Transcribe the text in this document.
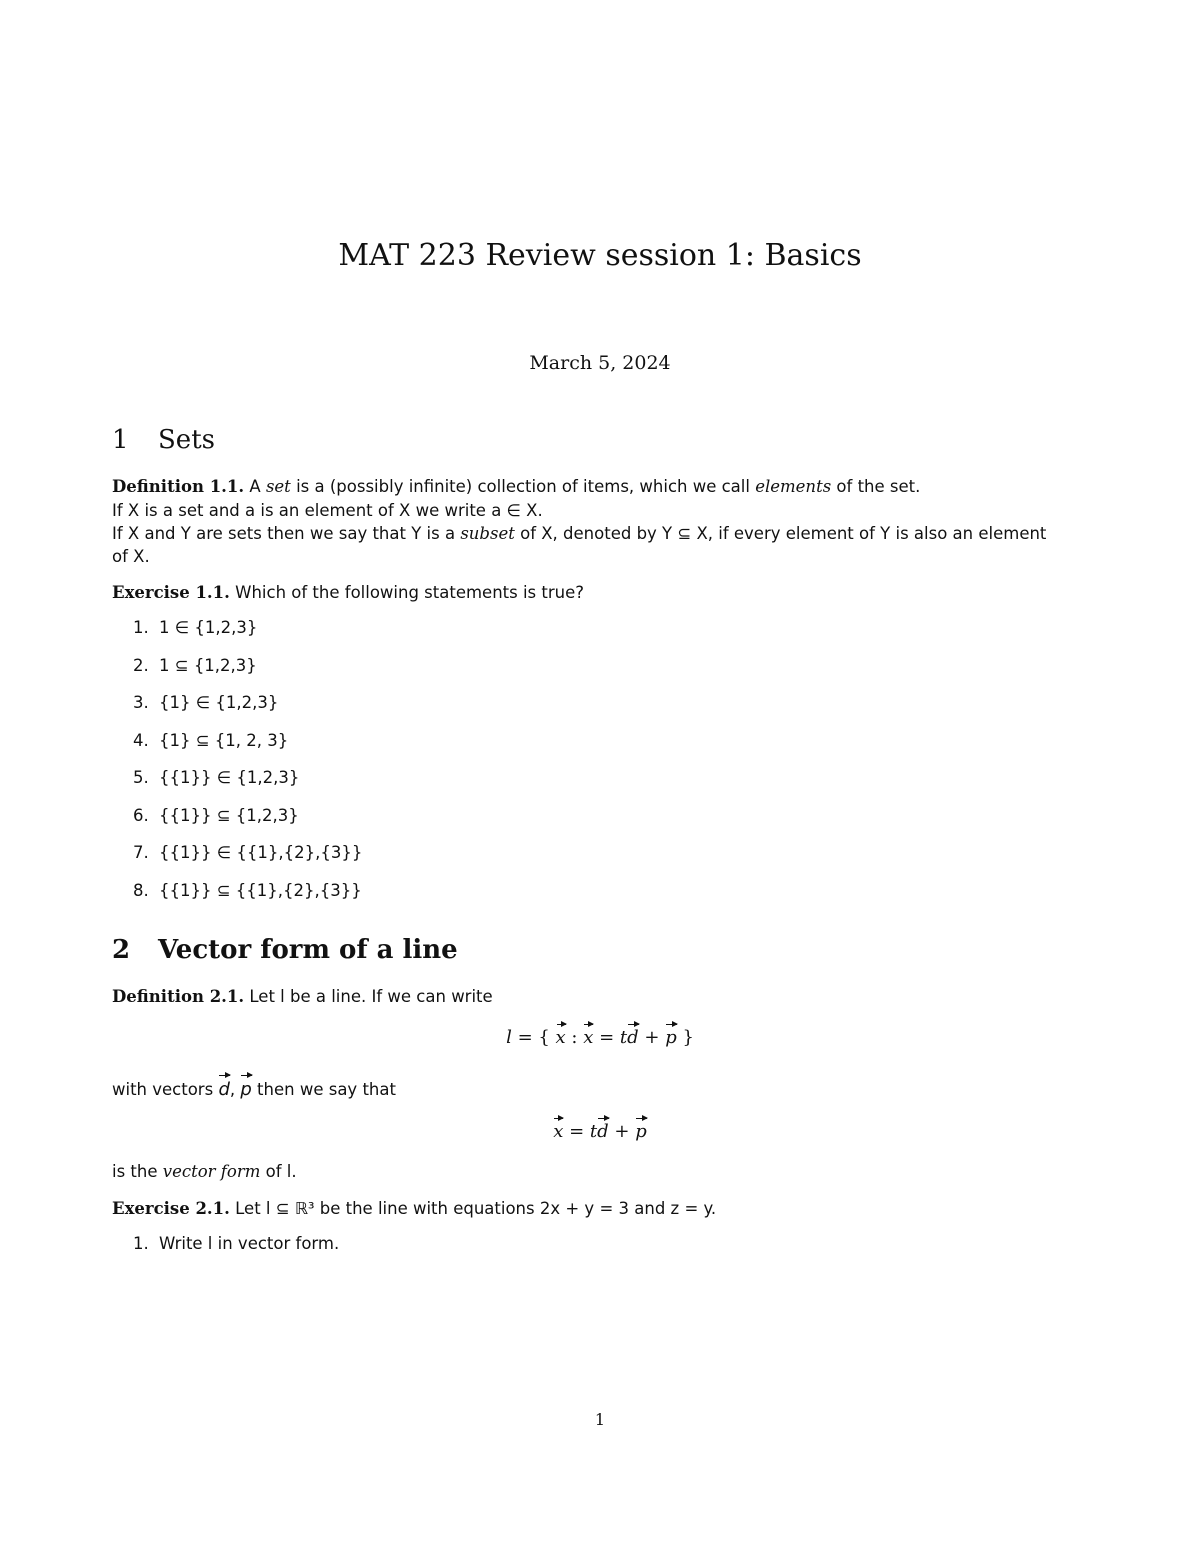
MAT 223 Review session 1: Basics
March 5, 2024
1 Sets
Definition 1.1. A set is a (possibly infinite) collection of items, which we call elements of the set.
If X is a set and a is an element of X we write a ∈ X.
If X and Y are sets then we say that Y is a subset of X, denoted by Y ⊆ X, if every element of Y is also an element
of X.
Exercise 1.1. Which of the following statements is true?
1. 1 ∈ {1,2,3}
2. 1 ⊆ {1,2,3}
3. {1} ∈ {1,2,3}
4. {1} ⊆ {1, 2, 3}
5. {{1}} ∈ {1,2,3}
6. {{1}} ⊆ {1,2,3}
7. {{1}} ∈ {{1},{2},{3}}
8. {{1}} ⊆ {{1},{2},{3}}
2 Vector form of a line
Definition 2.1. Let l be a line. If we can write
l = { x : x = td + p }
with vectors d, p then we say that
x = td + p
is the vector form of l.
Exercise 2.1. Let l ⊆ ℝ³ be the line with equations 2x + y = 3 and z = y.
1. Write l in vector form.
1
